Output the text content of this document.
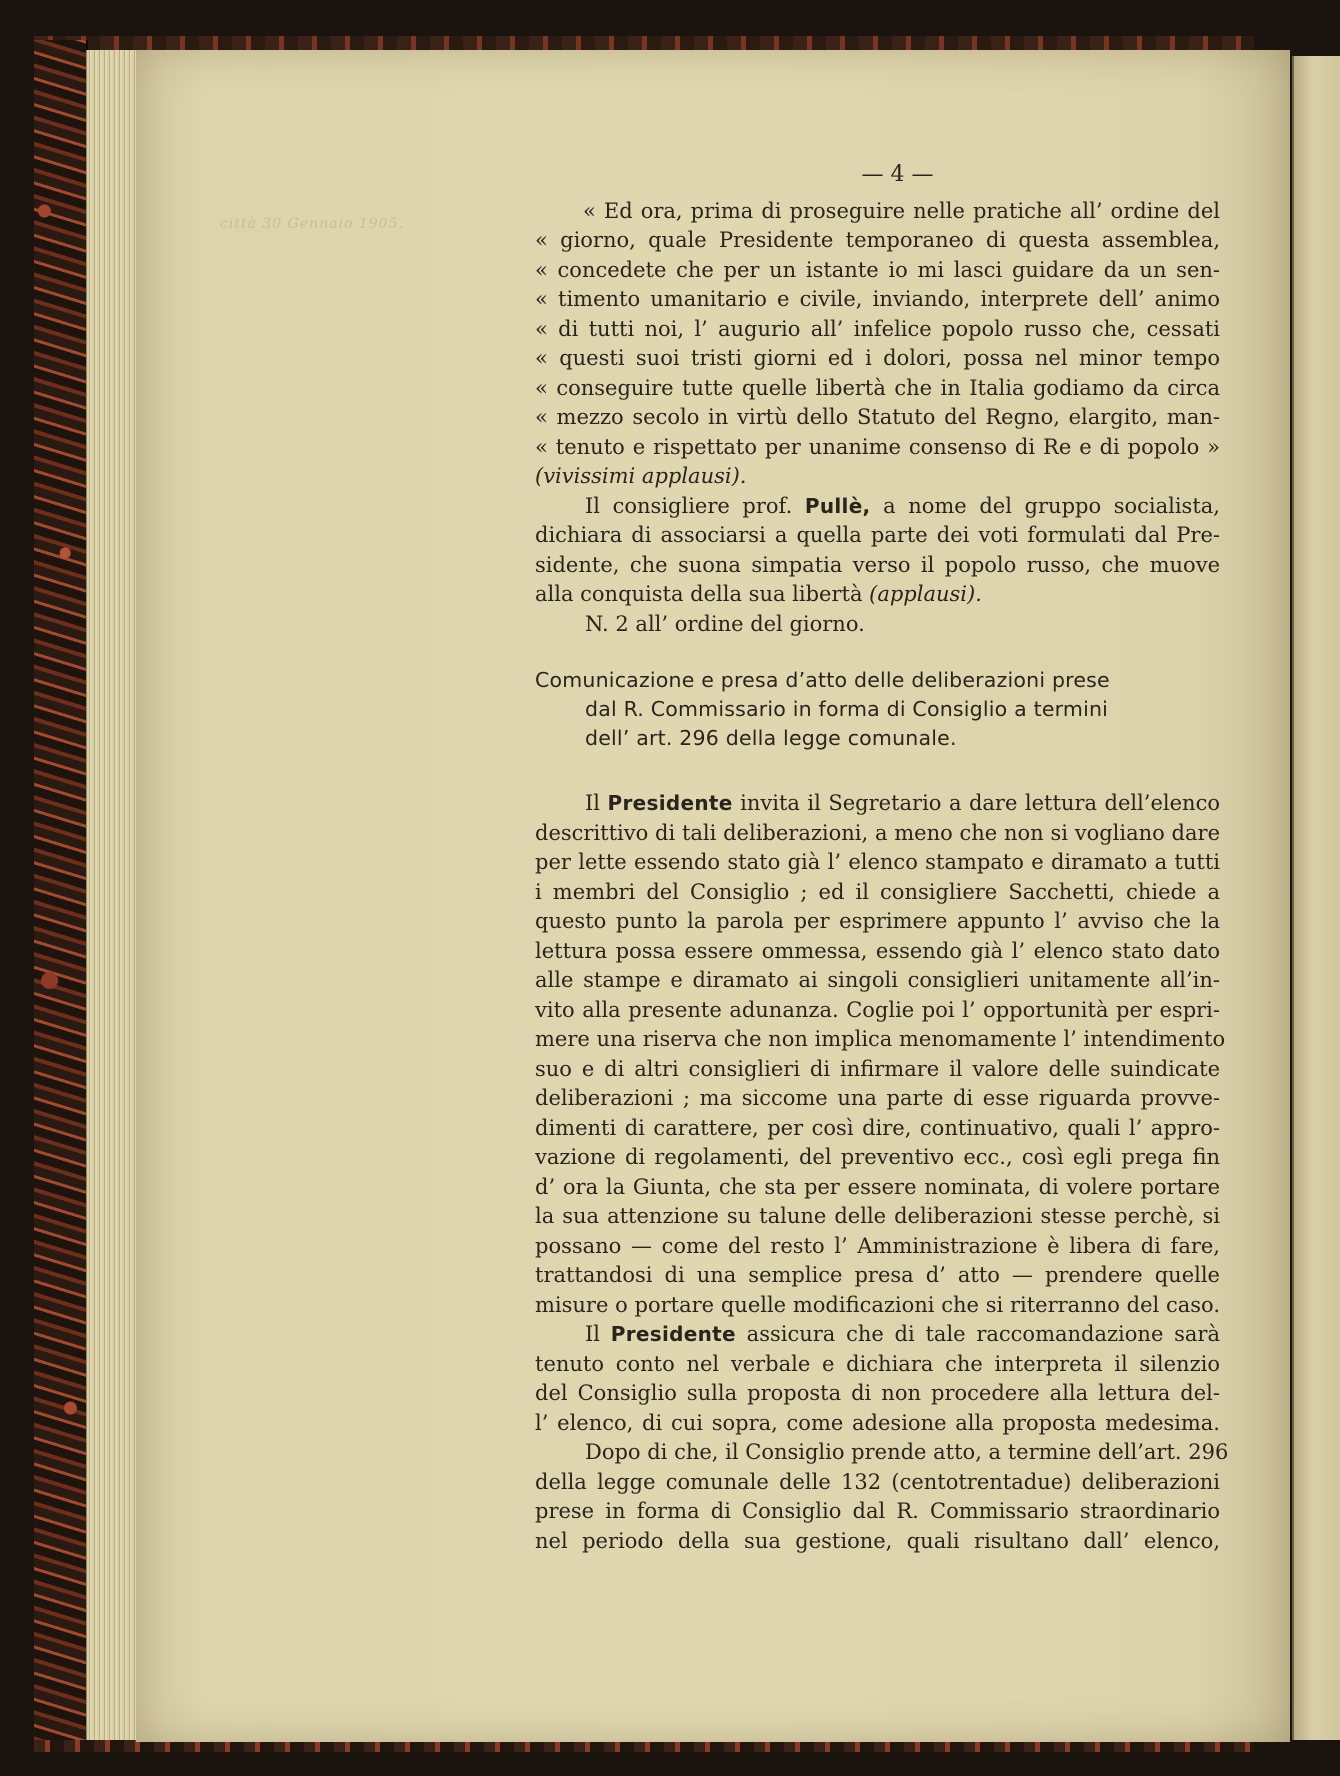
città 30 Gennaio 1905.
— 4 —
« Ed ora, prima di proseguire nelle pratiche all’ ordine del
« giorno, quale Presidente temporaneo di questa assemblea,
« concedete che per un istante io mi lasci guidare da un sen-
« timento umanitario e civile, inviando, interprete dell’ animo
« di tutti noi, l’ augurio all’ infelice popolo russo che, cessati
« questi suoi tristi giorni ed i dolori, possa nel minor tempo
« conseguire tutte quelle libertà che in Italia godiamo da circa
« mezzo secolo in virtù dello Statuto del Regno, elargito, man-
« tenuto e rispettato per unanime consenso di Re e di popolo »
(vivissimi applausi).
Il consigliere prof. Pullè, a nome del gruppo socialista,
dichiara di associarsi a quella parte dei voti formulati dal Pre-
sidente, che suona simpatia verso il popolo russo, che muove
alla conquista della sua libertà (applausi).
N. 2 all’ ordine del giorno.
Comunicazione e presa d’atto delle deliberazioni prese
dal R. Commissario in forma di Consiglio a termini
dell’ art. 296 della legge comunale.
Il Presidente invita il Segretario a dare lettura dell’elenco
descrittivo di tali deliberazioni, a meno che non si vogliano dare
per lette essendo stato già l’ elenco stampato e diramato a tutti
i membri del Consiglio ; ed il consigliere Sacchetti, chiede a
questo punto la parola per esprimere appunto l’ avviso che la
lettura possa essere ommessa, essendo già l’ elenco stato dato
alle stampe e diramato ai singoli consiglieri unitamente all’in-
vito alla presente adunanza. Coglie poi l’ opportunità per espri-
mere una riserva che non implica menomamente l’ intendimento
suo e di altri consiglieri di infirmare il valore delle suindicate
deliberazioni ; ma siccome una parte di esse riguarda provve-
dimenti di carattere, per così dire, continuativo, quali l’ appro-
vazione di regolamenti, del preventivo ecc., così egli prega fin
d’ ora la Giunta, che sta per essere nominata, di volere portare
la sua attenzione su talune delle deliberazioni stesse perchè, si
possano — come del resto l’ Amministrazione è libera di fare,
trattandosi di una semplice presa d’ atto — prendere quelle
misure o portare quelle modificazioni che si riterranno del caso.
Il Presidente assicura che di tale raccomandazione sarà
tenuto conto nel verbale e dichiara che interpreta il silenzio
del Consiglio sulla proposta di non procedere alla lettura del-
l’ elenco, di cui sopra, come adesione alla proposta medesima.
Dopo di che, il Consiglio prende atto, a termine dell’art. 296
della legge comunale delle 132 (centotrentadue) deliberazioni
prese in forma di Consiglio dal R. Commissario straordinario
nel periodo della sua gestione, quali risultano dall’ elenco,
